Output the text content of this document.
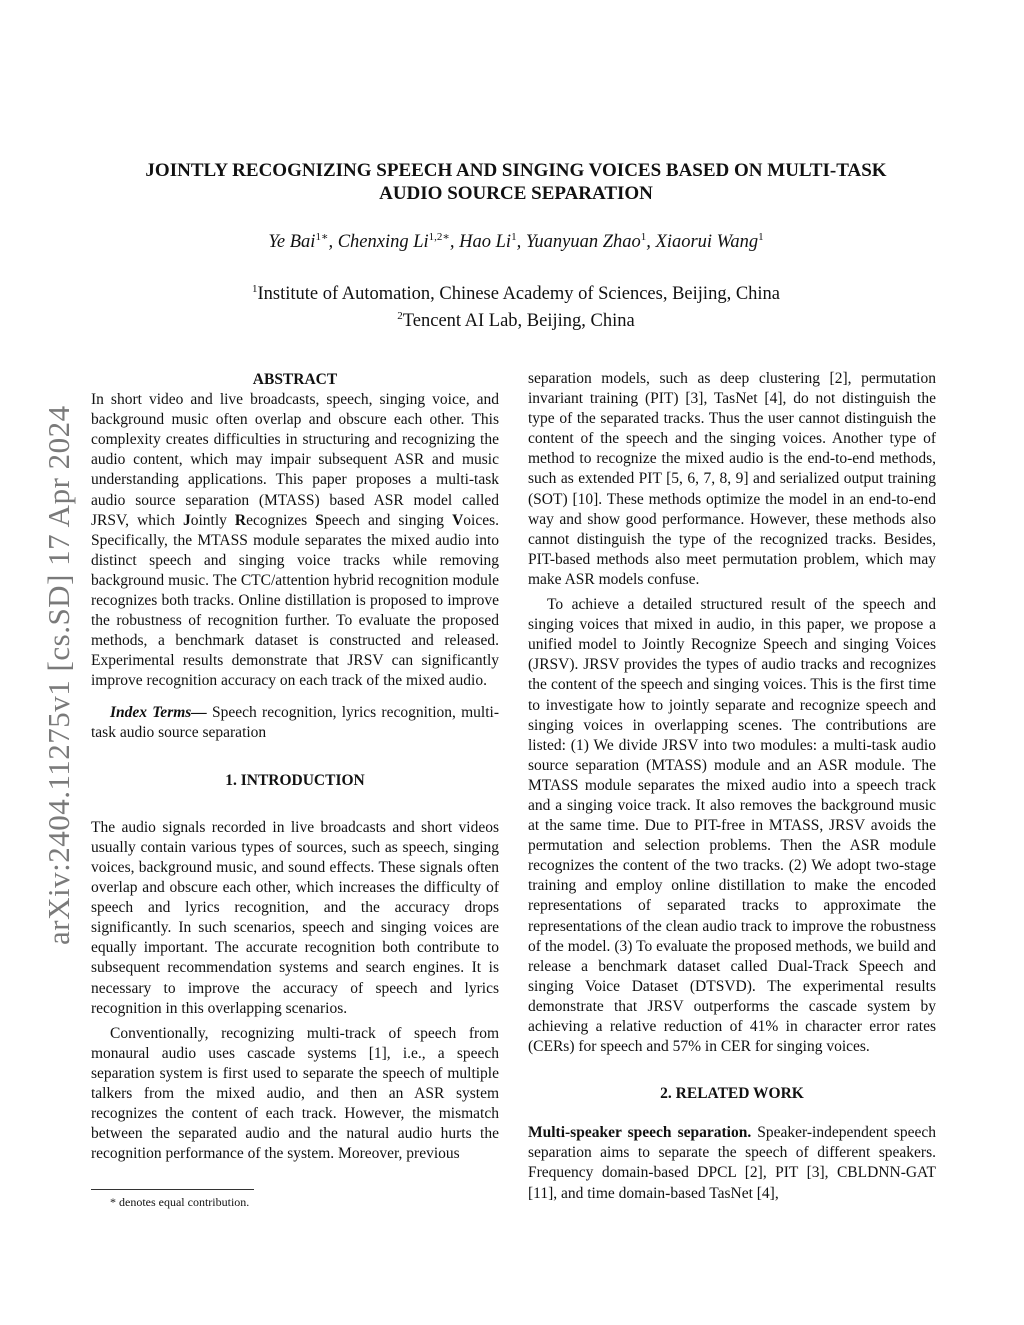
arXiv:2404.11275v1 [cs.SD] 17 Apr 2024
JOINTLY RECOGNIZING SPEECH AND SINGING VOICES BASED ON MULTI-TASK
AUDIO SOURCE SEPARATION
Ye Bai$^{1∗}$, Chenxing $Li^{1,2∗}$, Hao Li$^1$, Yuanyuan Zhao$^1$, Xiaorui Wang$^1$
$^1$Institute of Automation, Chinese Academy of Sciences, Beijing, China
$^2$Tencent AI Lab, Beijing, China

ABSTRACT

In short video and live broadcasts, speech, singing voice, and background music often overlap and obscure each other. This complexity creates difficulties in structuring and recognizing the audio content, which may impair subsequent ASR and music understanding applications. This paper proposes a multi-task audio source separation (MTASS) based ASR model called JRSV, which Jointly Recognizes Speech and singing Voices. Specifically, the MTASS module separates the mixed audio into distinct speech and singing voice tracks while removing background music. The CTC/attention hybrid recognition module recognizes both tracks. Online distillation is proposed to improve the robustness of recognition further. To evaluate the proposed methods, a benchmark dataset is constructed and released. Experimental results demonstrate that JRSV can significantly improve recognition accuracy on each track of the mixed audio.

Index Terms— Speech recognition, lyrics recognition, multi-task audio source separation

1. INTRODUCTION

The audio signals recorded in live broadcasts and short videos usually contain various types of sources, such as speech, singing voices, background music, and sound effects. These signals often overlap and obscure each other, which increases the difficulty of speech and lyrics recognition, and the accuracy drops significantly. In such scenarios, speech and singing voices are equally important. The accurate recognition both contribute to subsequent recommendation systems and search engines. It is necessary to improve the accuracy of speech and lyrics recognition in this overlapping scenarios.

Conventionally, recognizing multi-track of speech from monaural audio uses cascade systems [1], i.e., a speech separation system is first used to separate the speech of multiple talkers from the mixed audio, and then an ASR system recognizes the content of each track. However, the mismatch between the separated audio and the natural audio hurts the recognition performance of the system. Moreover, previous

separation models, such as deep clustering [2], permutation invariant training (PIT) [3], TasNet [4], do not distinguish the type of the separated tracks. Thus the user cannot distinguish the content of the speech and the singing voices. Another type of method to recognize the mixed audio is the end-to-end methods, such as extended PIT [5, 6, 7, 8, 9] and serialized output training (SOT) [10]. These methods optimize the model in an end-to-end way and show good performance. However, these methods also cannot distinguish the type of the recognized tracks. Besides, PIT-based methods also meet permutation problem, which may make ASR models confuse.

To achieve a detailed structured result of the speech and singing voices that mixed in audio, in this paper, we propose a unified model to Jointly Recognize Speech and singing Voices (JRSV). JRSV provides the types of audio tracks and recognizes the content of the speech and singing voices. This is the first time to investigate how to jointly separate and recognize speech and singing voices in overlapping scenes. The contributions are listed: (1) We divide JRSV into two modules: a multi-task audio source separation (MTASS) module and an ASR module. The MTASS module separates the mixed audio into a speech track and a singing voice track. It also removes the background music at the same time. Due to PIT-free in MTASS, JRSV avoids the permutation and selection problems. Then the ASR module recognizes the content of the two tracks. (2) We adopt two-stage training and employ online distillation to make the encoded representations of separated tracks to approximate the representations of the clean audio track to improve the robustness of the model. (3) To evaluate the proposed methods, we build and release a benchmark dataset called Dual-Track Speech and singing Voice Dataset (DTSVD). The experimental results demonstrate that JRSV outperforms the cascade system by achieving a relative reduction of 41% in character error rates (CERs) for speech and 57% in CER for singing voices.

2. RELATED WORK

Multi-speaker speech separation. Speaker-independent speech separation aims to separate the speech of different speakers. Frequency domain-based DPCL [2], PIT [3], CBLDNN-GAT [11], and time domain-based TasNet [4],

* denotes equal contribution.
